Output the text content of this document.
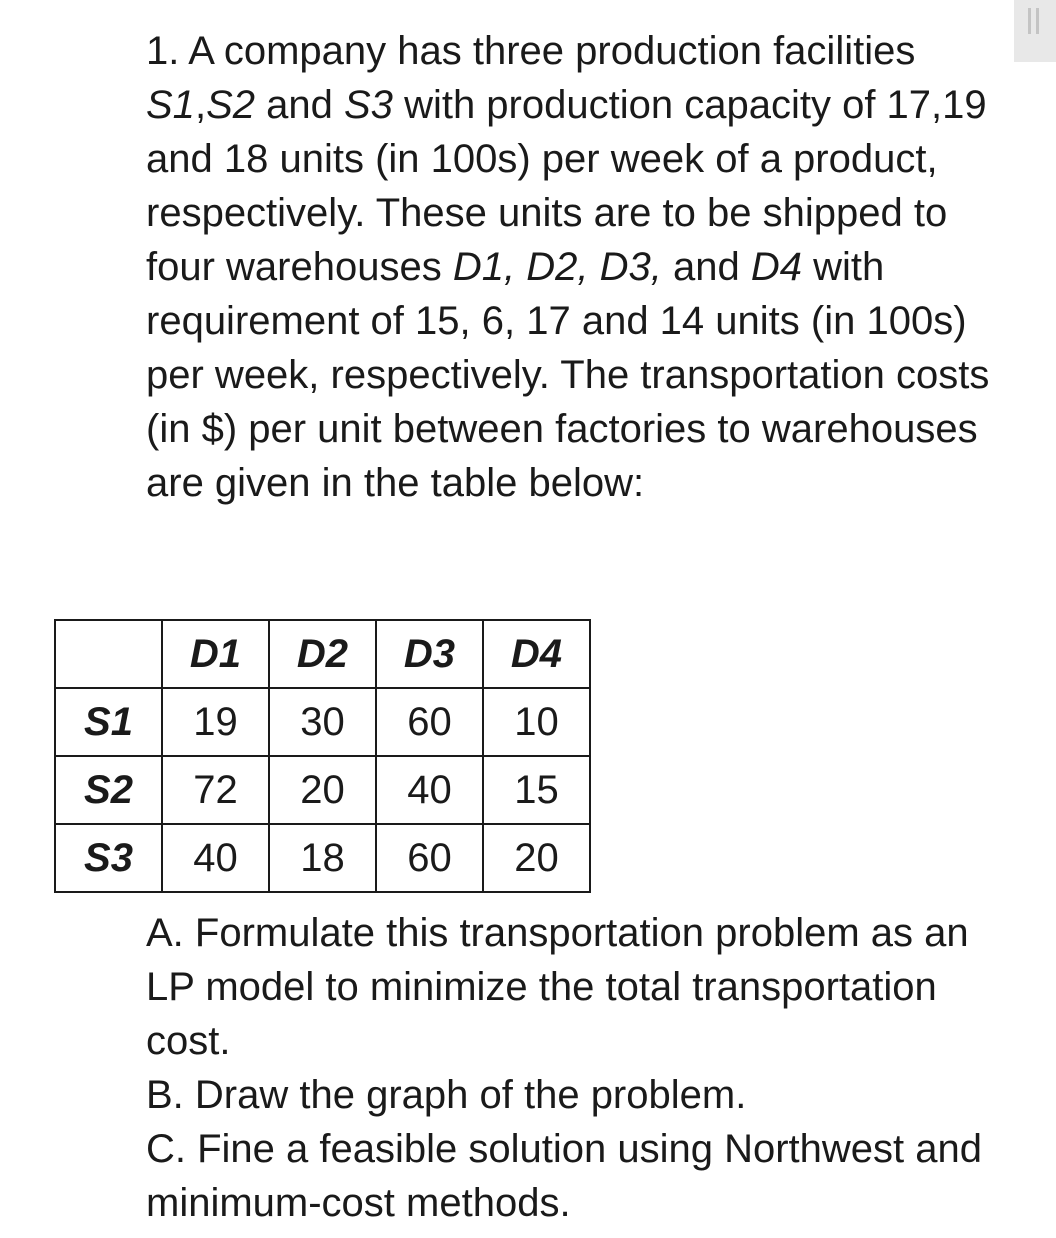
1. A company has three production facilities S1,S2 and S3 with production capacity of 17,19 and 18 units (in 100s) per week of a product, respectively. These units are to be shipped to four warehouses D1, D2, D3, and D4 with requirement of 15, 6, 17 and 14 units (in 100s) per week, respectively. The transportation costs (in $) per unit between factories to warehouses are given in the table below:

	D1	D2	D3	D4
S1	19	30	60	10
S2	72	20	40	15
S3	40	18	60	20

A. Formulate this transportation problem as an LP model to minimize the total transportation cost.

B. Draw the graph of the problem.

C. Fine a feasible solution using Northwest and minimum-cost methods.
